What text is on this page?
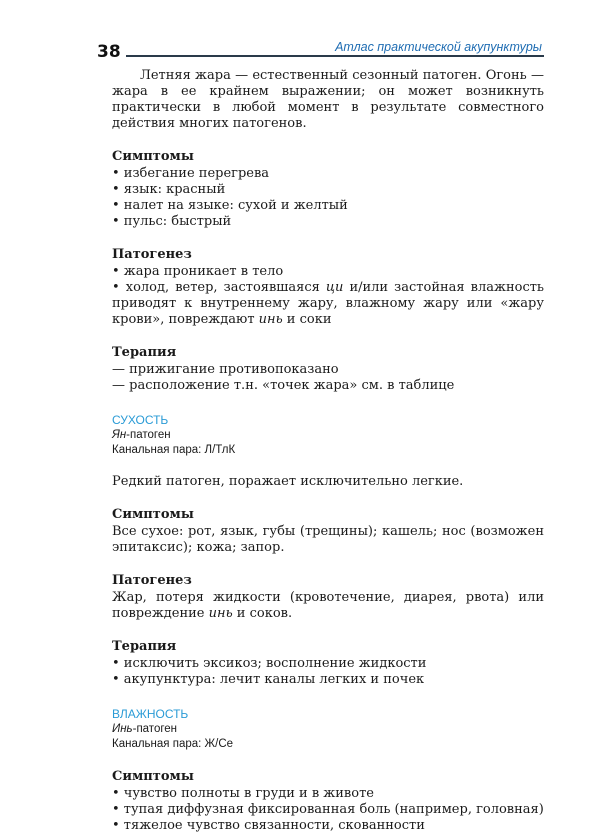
38	Атлас практической акупунктуры

Летняя жара — естественный сезонный патоген. Огонь — жара в ее крайнем выражении; он может возникнуть практически в любой момент в результате совместного действия многих патогенов.

Симптомы
• избегание перегрева
• язык: красный
• налет на языке: сухой и желтый
• пульс: быстрый
Патогенез
• жара проникает в тело
• холод, ветер, застоявшаяся ци и/или застойная влажность приводят к внутреннему жару, влажному жару или «жару крови», повреждают инь и соки
Терапия
— прижигание противопоказано
— расположение т.н. «точек жара» см. в таблице
СУХОСТЬ
Ян-патоген
Канальная пара: Л/ТлК

Редкий патоген, поражает исключительно легкие.

Симптомы

Все сухое: рот, язык, губы (трещины); кашель; нос (возможен эпитаксис); кожа; запор.

Патогенез

Жар, потеря жидкости (кровотечение, диарея, рвота) или повреждение инь и соков.

Терапия
• исключить эксикоз; восполнение жидкости
• акупунктура: лечит каналы легких и почек
ВЛАЖНОСТЬ
Инь-патоген
Канальная пара: Ж/Се
Симптомы
• чувство полноты в груди и в животе
• тупая диффузная фиксированная боль (например, головная)
• тяжелое чувство связанности, скованности
